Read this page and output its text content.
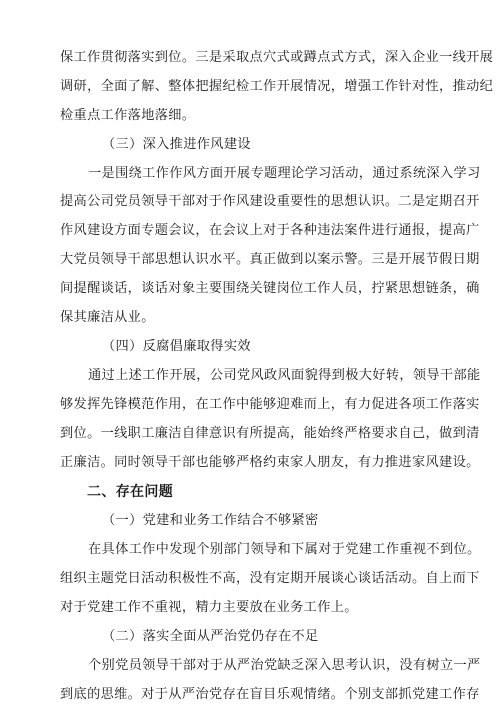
保工作贯彻落实到位。三是采取点穴式或蹲点式方式，深入企业一线开展
调研，全面了解、整体把握纪检工作开展情况，增强工作针对性，推动纪
检重点工作落地落细。
（三）深入推进作风建设
一是围绕工作作风方面开展专题理论学习活动，通过系统深入学习
提高公司党员领导干部对于作风建设重要性的思想认识。二是定期召开
作风建设方面专题会议，在会议上对于各种违法案件进行通报，提高广
大党员领导干部思想认识水平。真正做到以案示警。三是开展节假日期
间提醒谈话，谈话对象主要围绕关键岗位工作人员，拧紧思想链条，确
保其廉洁从业。
（四）反腐倡廉取得实效
通过上述工作开展，公司党风政风面貌得到极大好转，领导干部能
够发挥先锋模范作用，在工作中能够迎难而上，有力促进各项工作落实
到位。一线职工廉洁自律意识有所提高，能始终严格要求自己，做到清
正廉洁。同时领导干部也能够严格约束家人朋友，有力推进家风建设。
二、存在问题
（一）党建和业务工作结合不够紧密
在具体工作中发现个别部门领导和下属对于党建工作重视不到位。
组织主题党日活动积极性不高，没有定期开展谈心谈话活动。自上而下
对于党建工作不重视，精力主要放在业务工作上。
（二）落实全面从严治党仍存在不足
个别党员领导干部对于从严治党缺乏深入思考认识，没有树立一严
到底的思维。对于从严治党存在盲目乐观情绪。个别支部抓党建工作存
